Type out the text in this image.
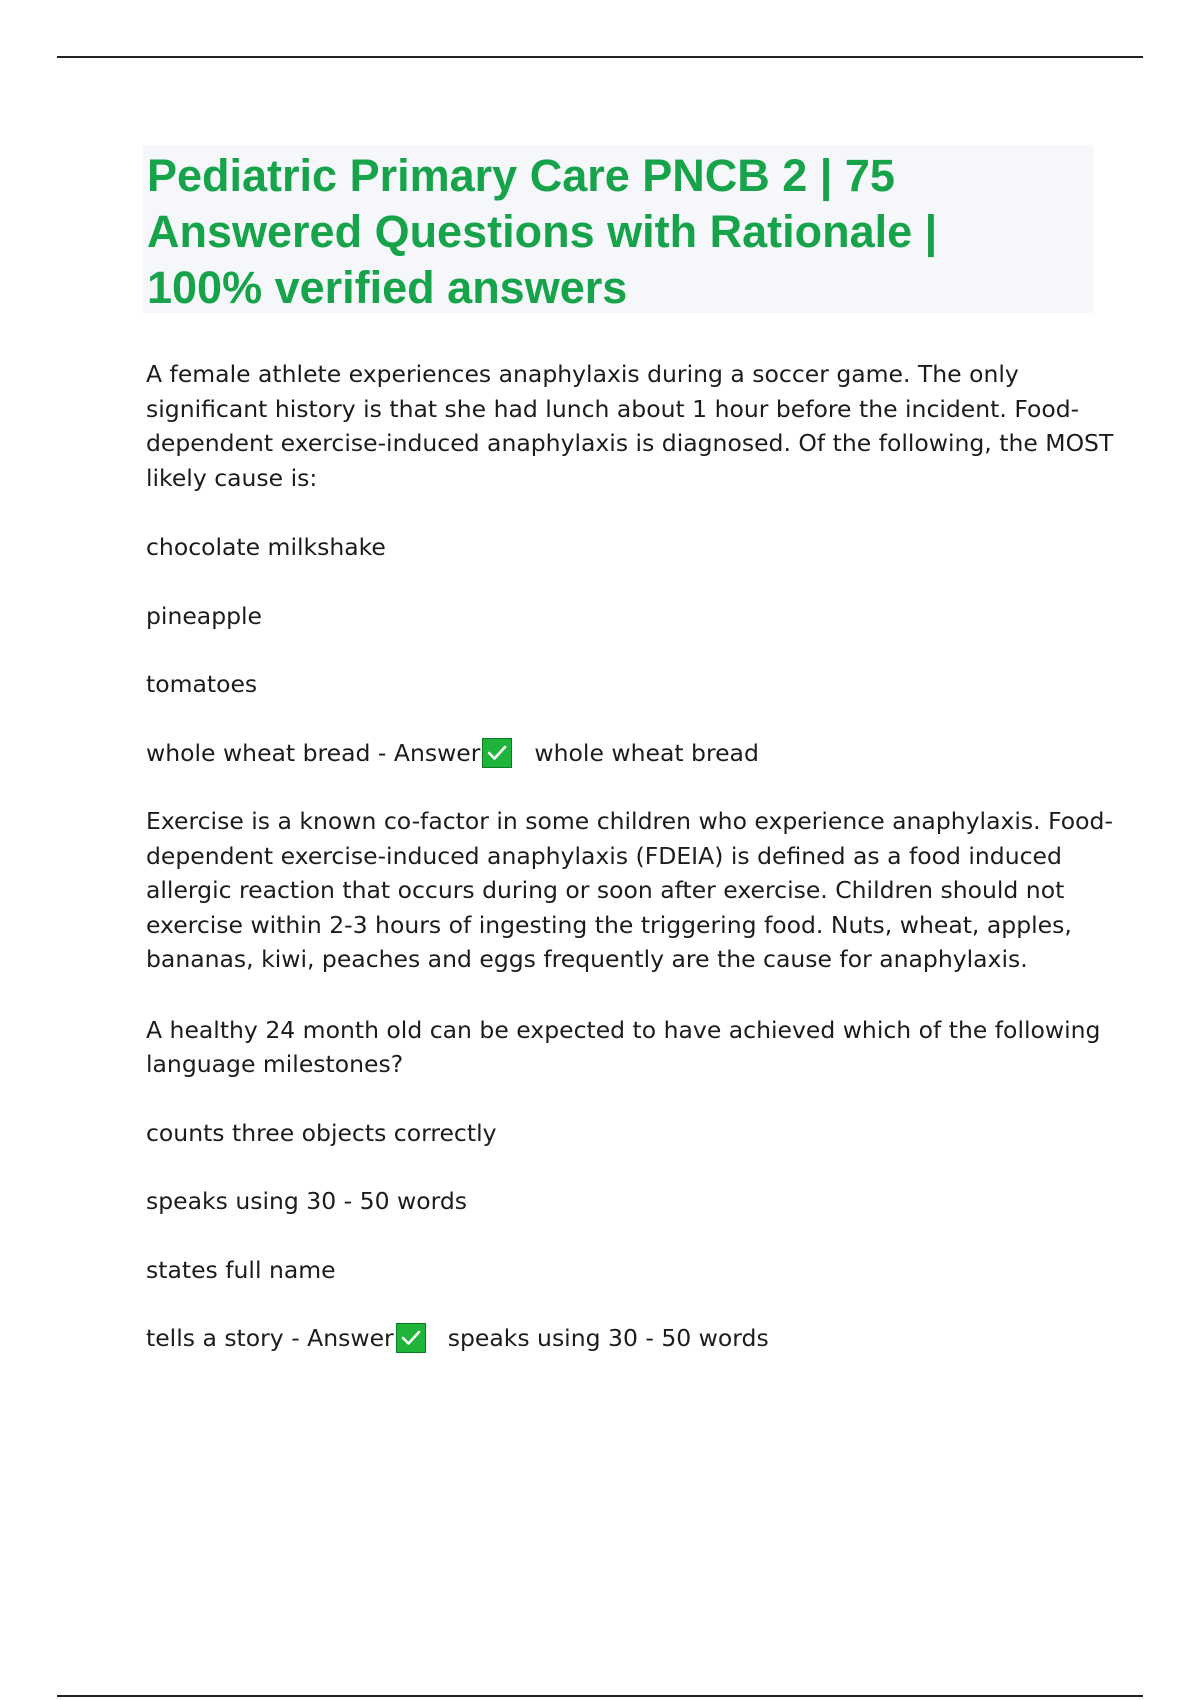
Pediatric Primary Care PNCB 2 | 75
Answered Questions with Rationale |
100% verified answers
A female athlete experiences anaphylaxis during a soccer game. The only
significant history is that she had lunch about 1 hour before the incident. Food-
dependent exercise-induced anaphylaxis is diagnosed. Of the following, the MOST
likely cause is:

chocolate milkshake

pineapple

tomatoes

whole wheat bread - Answer whole wheat bread
Exercise is a known co-factor in some children who experience anaphylaxis. Food-
dependent exercise-induced anaphylaxis (FDEIA) is defined as a food induced
allergic reaction that occurs during or soon after exercise. Children should not
exercise within 2-3 hours of ingesting the triggering food. Nuts, wheat, apples,
bananas, kiwi, peaches and eggs frequently are the cause for anaphylaxis.
A healthy 24 month old can be expected to have achieved which of the following
language milestones?

counts three objects correctly

speaks using 30 - 50 words

states full name

tells a story - Answer speaks using 30 - 50 words
